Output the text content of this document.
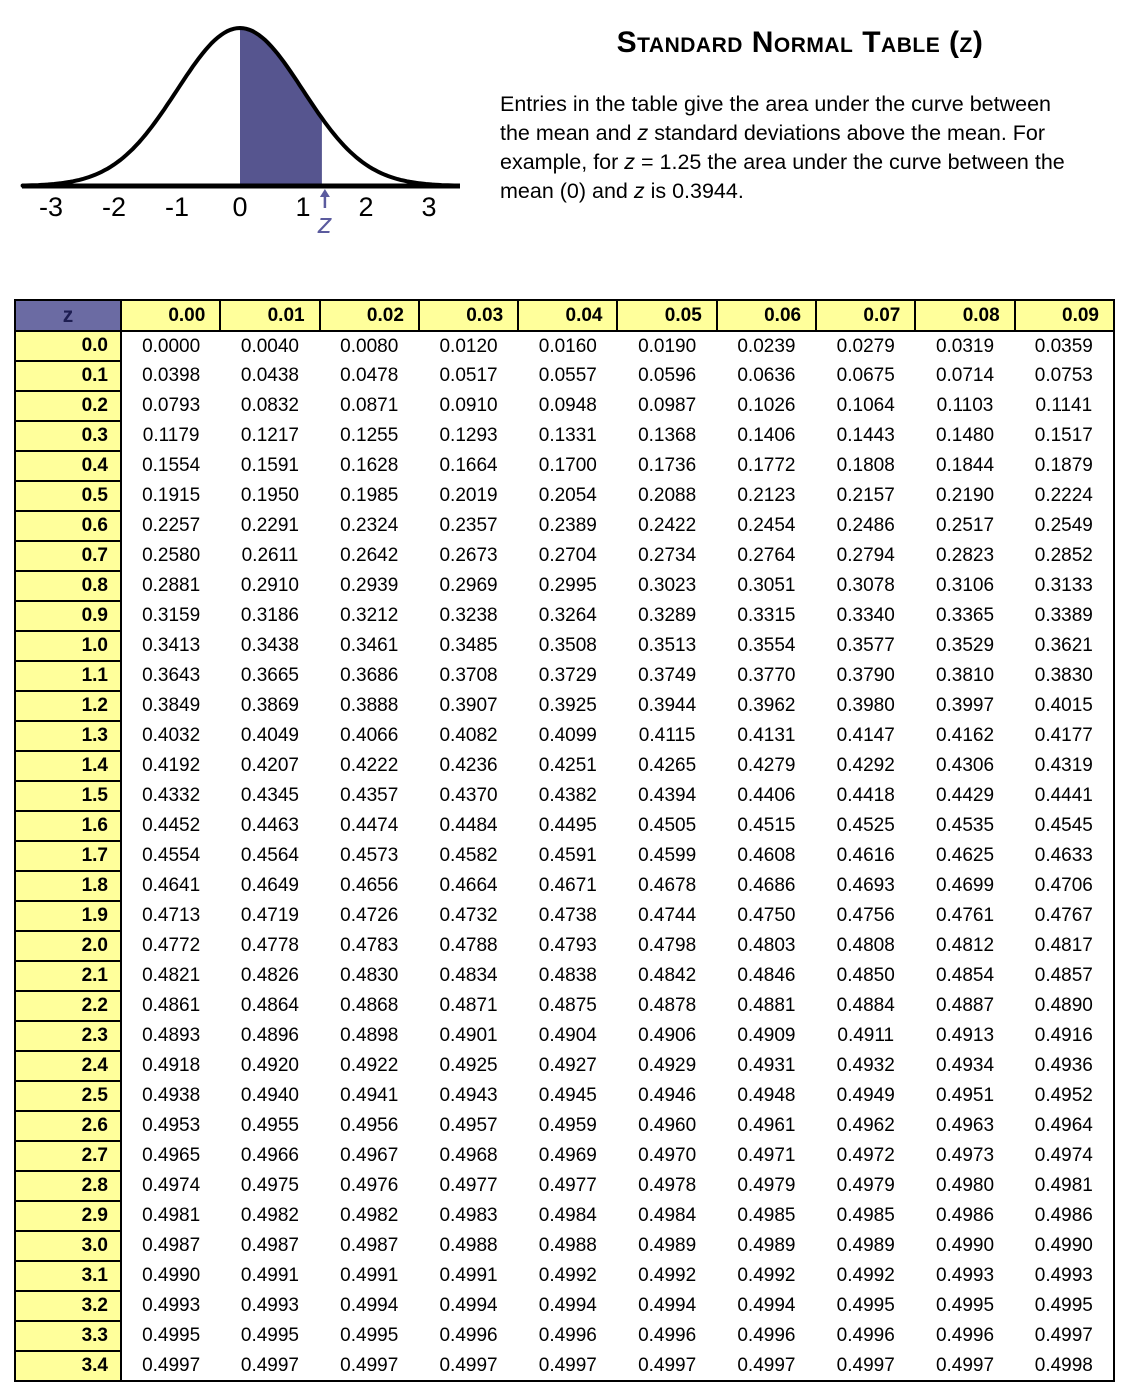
-3 -2 -1 0 1 2 3
z
Standard Normal Table (z)

Entries in the table give the area under the curve between the mean and z standard deviations above the mean. For example, for z = 1.25 the area under the curve between the mean (0) and z is 0.3944.

z	0.00	0.01	0.02	0.03	0.04	0.05	0.06	0.07	0.08	0.09
0.0	0.0000	0.0040	0.0080	0.0120	0.0160	0.0190	0.0239	0.0279	0.0319	0.0359
0.1	0.0398	0.0438	0.0478	0.0517	0.0557	0.0596	0.0636	0.0675	0.0714	0.0753
0.2	0.0793	0.0832	0.0871	0.0910	0.0948	0.0987	0.1026	0.1064	0.1103	0.1141
0.3	0.1179	0.1217	0.1255	0.1293	0.1331	0.1368	0.1406	0.1443	0.1480	0.1517
0.4	0.1554	0.1591	0.1628	0.1664	0.1700	0.1736	0.1772	0.1808	0.1844	0.1879
0.5	0.1915	0.1950	0.1985	0.2019	0.2054	0.2088	0.2123	0.2157	0.2190	0.2224
0.6	0.2257	0.2291	0.2324	0.2357	0.2389	0.2422	0.2454	0.2486	0.2517	0.2549
0.7	0.2580	0.2611	0.2642	0.2673	0.2704	0.2734	0.2764	0.2794	0.2823	0.2852
0.8	0.2881	0.2910	0.2939	0.2969	0.2995	0.3023	0.3051	0.3078	0.3106	0.3133
0.9	0.3159	0.3186	0.3212	0.3238	0.3264	0.3289	0.3315	0.3340	0.3365	0.3389
1.0	0.3413	0.3438	0.3461	0.3485	0.3508	0.3513	0.3554	0.3577	0.3529	0.3621
1.1	0.3643	0.3665	0.3686	0.3708	0.3729	0.3749	0.3770	0.3790	0.3810	0.3830
1.2	0.3849	0.3869	0.3888	0.3907	0.3925	0.3944	0.3962	0.3980	0.3997	0.4015
1.3	0.4032	0.4049	0.4066	0.4082	0.4099	0.4115	0.4131	0.4147	0.4162	0.4177
1.4	0.4192	0.4207	0.4222	0.4236	0.4251	0.4265	0.4279	0.4292	0.4306	0.4319
1.5	0.4332	0.4345	0.4357	0.4370	0.4382	0.4394	0.4406	0.4418	0.4429	0.4441
1.6	0.4452	0.4463	0.4474	0.4484	0.4495	0.4505	0.4515	0.4525	0.4535	0.4545
1.7	0.4554	0.4564	0.4573	0.4582	0.4591	0.4599	0.4608	0.4616	0.4625	0.4633
1.8	0.4641	0.4649	0.4656	0.4664	0.4671	0.4678	0.4686	0.4693	0.4699	0.4706
1.9	0.4713	0.4719	0.4726	0.4732	0.4738	0.4744	0.4750	0.4756	0.4761	0.4767
2.0	0.4772	0.4778	0.4783	0.4788	0.4793	0.4798	0.4803	0.4808	0.4812	0.4817
2.1	0.4821	0.4826	0.4830	0.4834	0.4838	0.4842	0.4846	0.4850	0.4854	0.4857
2.2	0.4861	0.4864	0.4868	0.4871	0.4875	0.4878	0.4881	0.4884	0.4887	0.4890
2.3	0.4893	0.4896	0.4898	0.4901	0.4904	0.4906	0.4909	0.4911	0.4913	0.4916
2.4	0.4918	0.4920	0.4922	0.4925	0.4927	0.4929	0.4931	0.4932	0.4934	0.4936
2.5	0.4938	0.4940	0.4941	0.4943	0.4945	0.4946	0.4948	0.4949	0.4951	0.4952
2.6	0.4953	0.4955	0.4956	0.4957	0.4959	0.4960	0.4961	0.4962	0.4963	0.4964
2.7	0.4965	0.4966	0.4967	0.4968	0.4969	0.4970	0.4971	0.4972	0.4973	0.4974
2.8	0.4974	0.4975	0.4976	0.4977	0.4977	0.4978	0.4979	0.4979	0.4980	0.4981
2.9	0.4981	0.4982	0.4982	0.4983	0.4984	0.4984	0.4985	0.4985	0.4986	0.4986
3.0	0.4987	0.4987	0.4987	0.4988	0.4988	0.4989	0.4989	0.4989	0.4990	0.4990
3.1	0.4990	0.4991	0.4991	0.4991	0.4992	0.4992	0.4992	0.4992	0.4993	0.4993
3.2	0.4993	0.4993	0.4994	0.4994	0.4994	0.4994	0.4994	0.4995	0.4995	0.4995
3.3	0.4995	0.4995	0.4995	0.4996	0.4996	0.4996	0.4996	0.4996	0.4996	0.4997
3.4	0.4997	0.4997	0.4997	0.4997	0.4997	0.4997	0.4997	0.4997	0.4997	0.4998
